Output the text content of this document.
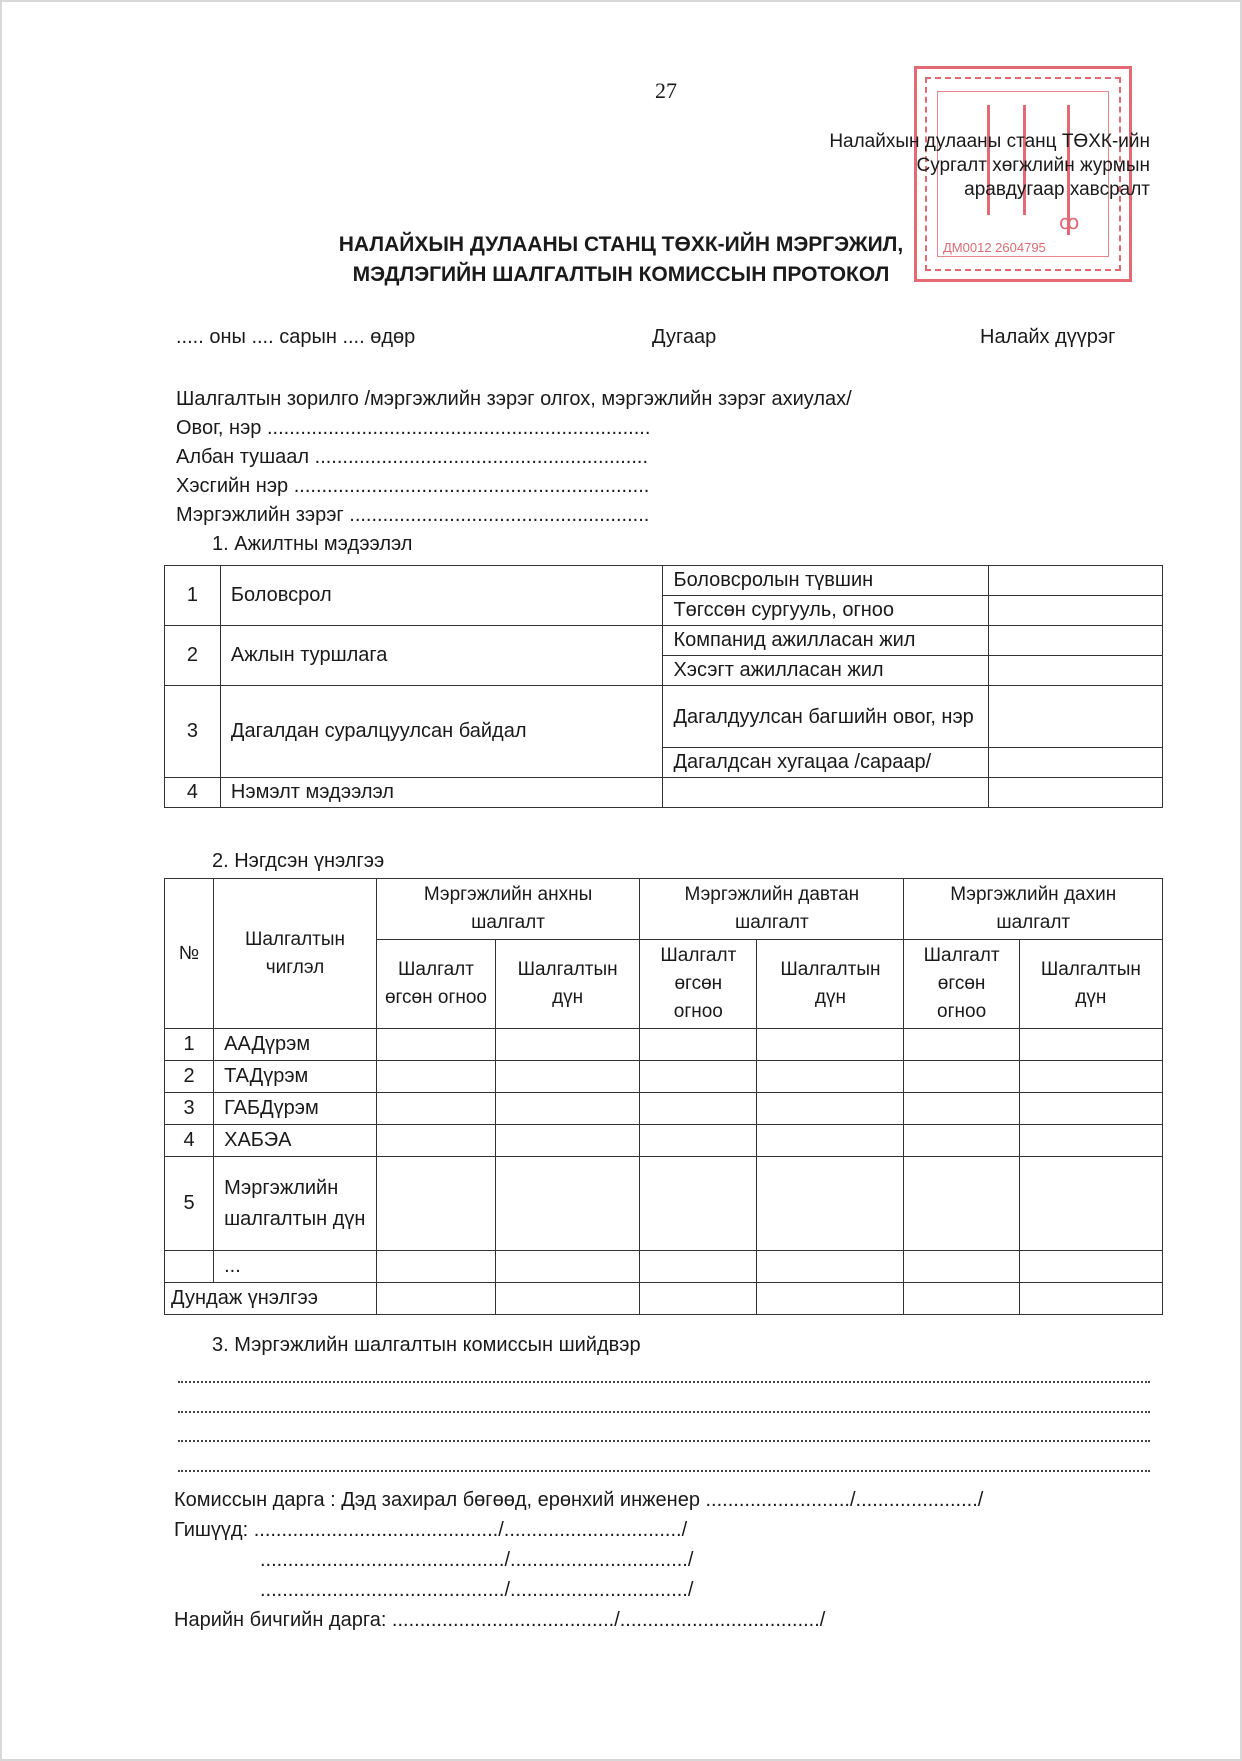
27
ꝏ
ДМ0012 2604795
Налайхын дулааны станц ТӨХК-ийн
Сургалт хөгжлийн журмын
аравдугаар хавсралт
НАЛАЙХЫН ДУЛААНЫ СТАНЦ ТӨХК-ИЙН МЭРГЭЖИЛ,
МЭДЛЭГИЙН ШАЛГАЛТЫН КОМИССЫН ПРОТОКОЛ
..... оны .... сарын .... өдөр	Дугаар	Налайх дүүрэг
Шалгалтын зорилго /мэргэжлийн зэрэг олгох, мэргэжлийн зэрэг ахиулах/
Овог, нэр .....................................................................
Албан тушаал ............................................................
Хэсгийн нэр ................................................................
Мэргэжлийн зэрэг ......................................................
1. Ажилтны мэдээлэл
1	Боловсрол	Боловсролын түвшин	
		Төгссөн сургууль, огноо	
2	Ажлын туршлага	Компанид ажилласан жил	
		Хэсэгт ажилласан жил	
3	Дагалдан суралцуулсан байдал	Дагалдуулсан багшийн овог, нэр	
		Дагалдсан хугацаа /сараар/	
4	Нэмэлт мэдээлэл		
2. Нэгдсэн үнэлгээ
№	Шалгалтын чиглэл	Мэргэжлийн анхны шалгалт		Мэргэжлийн давтан шалгалт		Мэргэжлийн дахин шалгалт	
		Шалгалт өгсөн огноо	Шалгалтын дүн	Шалгалт өгсөн огноо	Шалгалтын дүн	Шалгалт өгсөн огноо	Шалгалтын дүн
1	ААДүрэм						
2	ТАДүрэм						
3	ГАБДүрэм						
4	ХАБЭА						
5	Мэргэжлийн шалгалтын дүн						
	...						
Дундаж үнэлгээ							
3. Мэргэжлийн шалгалтын комиссын шийдвэр
Комиссын дарга : Дэд захирал бөгөөд, ерөнхий инженер ........................../....................../
Гишүүд: ............................................/................................/
............................................/................................/
............................................/................................/
Нарийн бичгийн дарга: ......................................../..................................../
